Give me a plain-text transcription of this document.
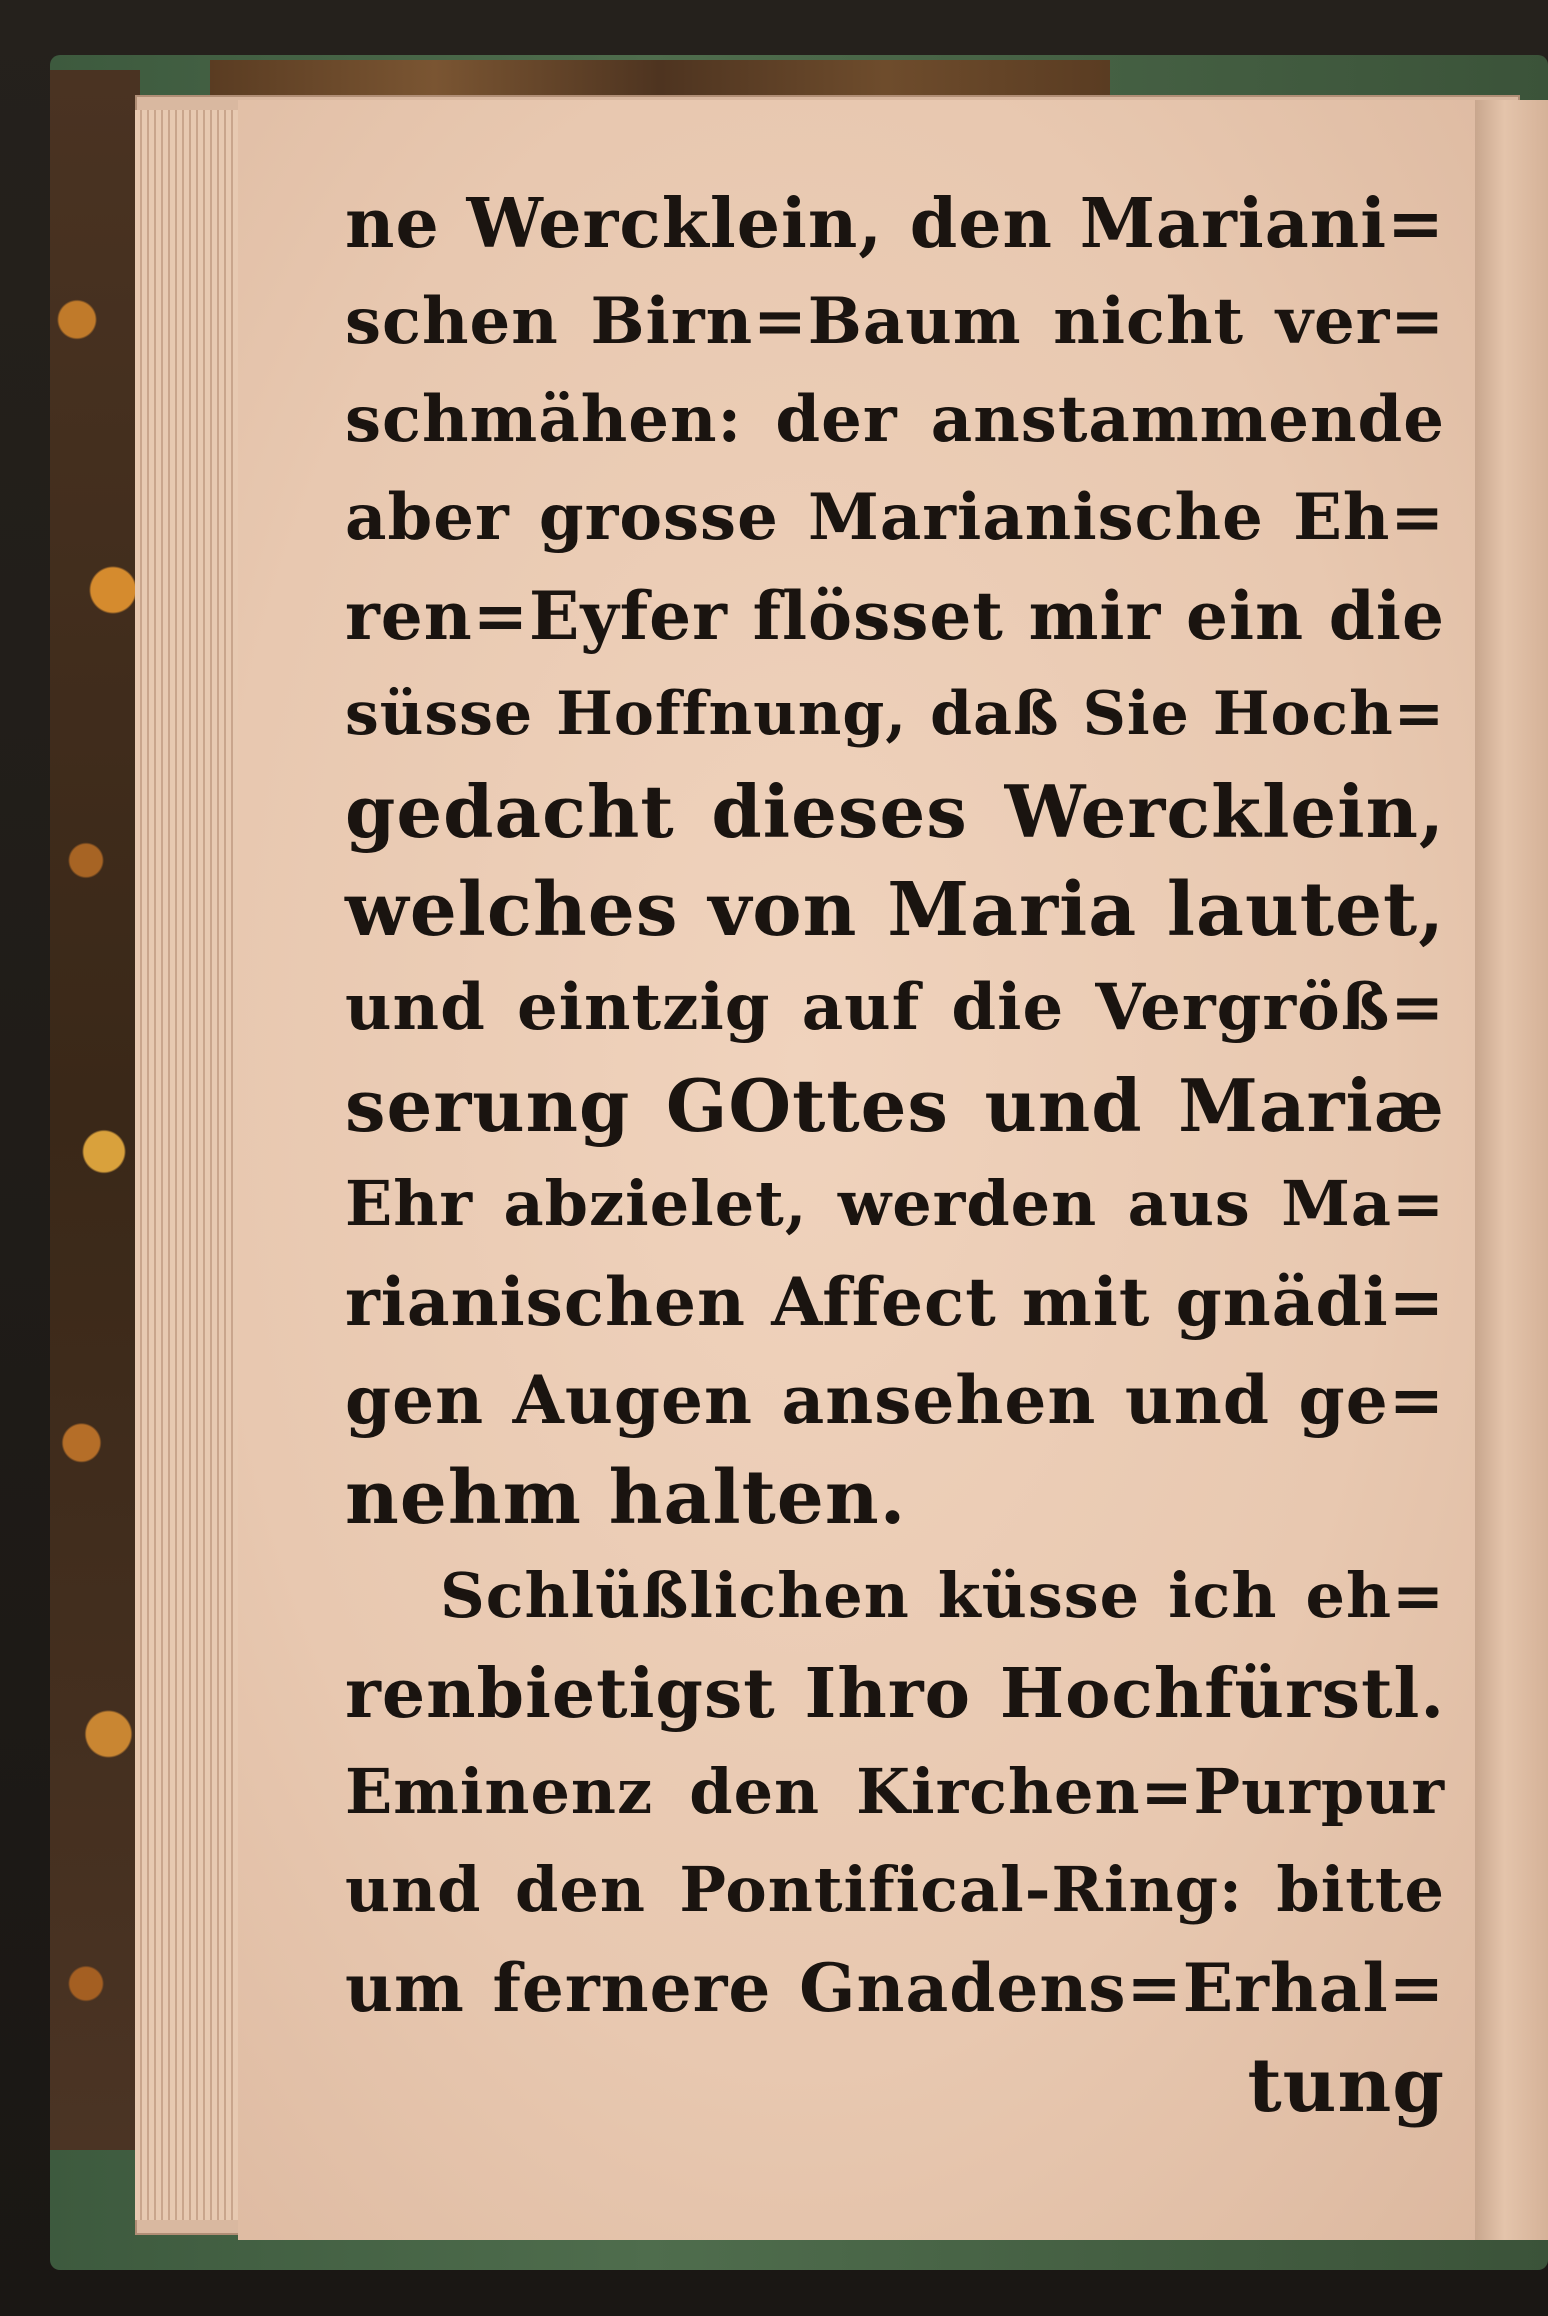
ne Wercklein, den Mariani=
schen Birn=Baum nicht ver=
schmähen: der anstammende
aber grosse Marianische Eh=
ren=Eyfer flösset mir ein die
süsse Hoffnung, daß Sie Hoch=
gedacht dieses Wercklein,
welches von Maria lautet,
und eintzig auf die Vergröß=
serung GOttes und Mariæ
Ehr abzielet, werden aus Ma=
rianischen Affect mit gnädi=
gen Augen ansehen und ge=
nehm halten.
Schlüßlichen küsse ich eh=
renbietigst Ihro Hochfürstl.
Eminenz den Kirchen=Purpur
und den Pontifical-Ring: bitte
um fernere Gnadens=Erhal=
tung
